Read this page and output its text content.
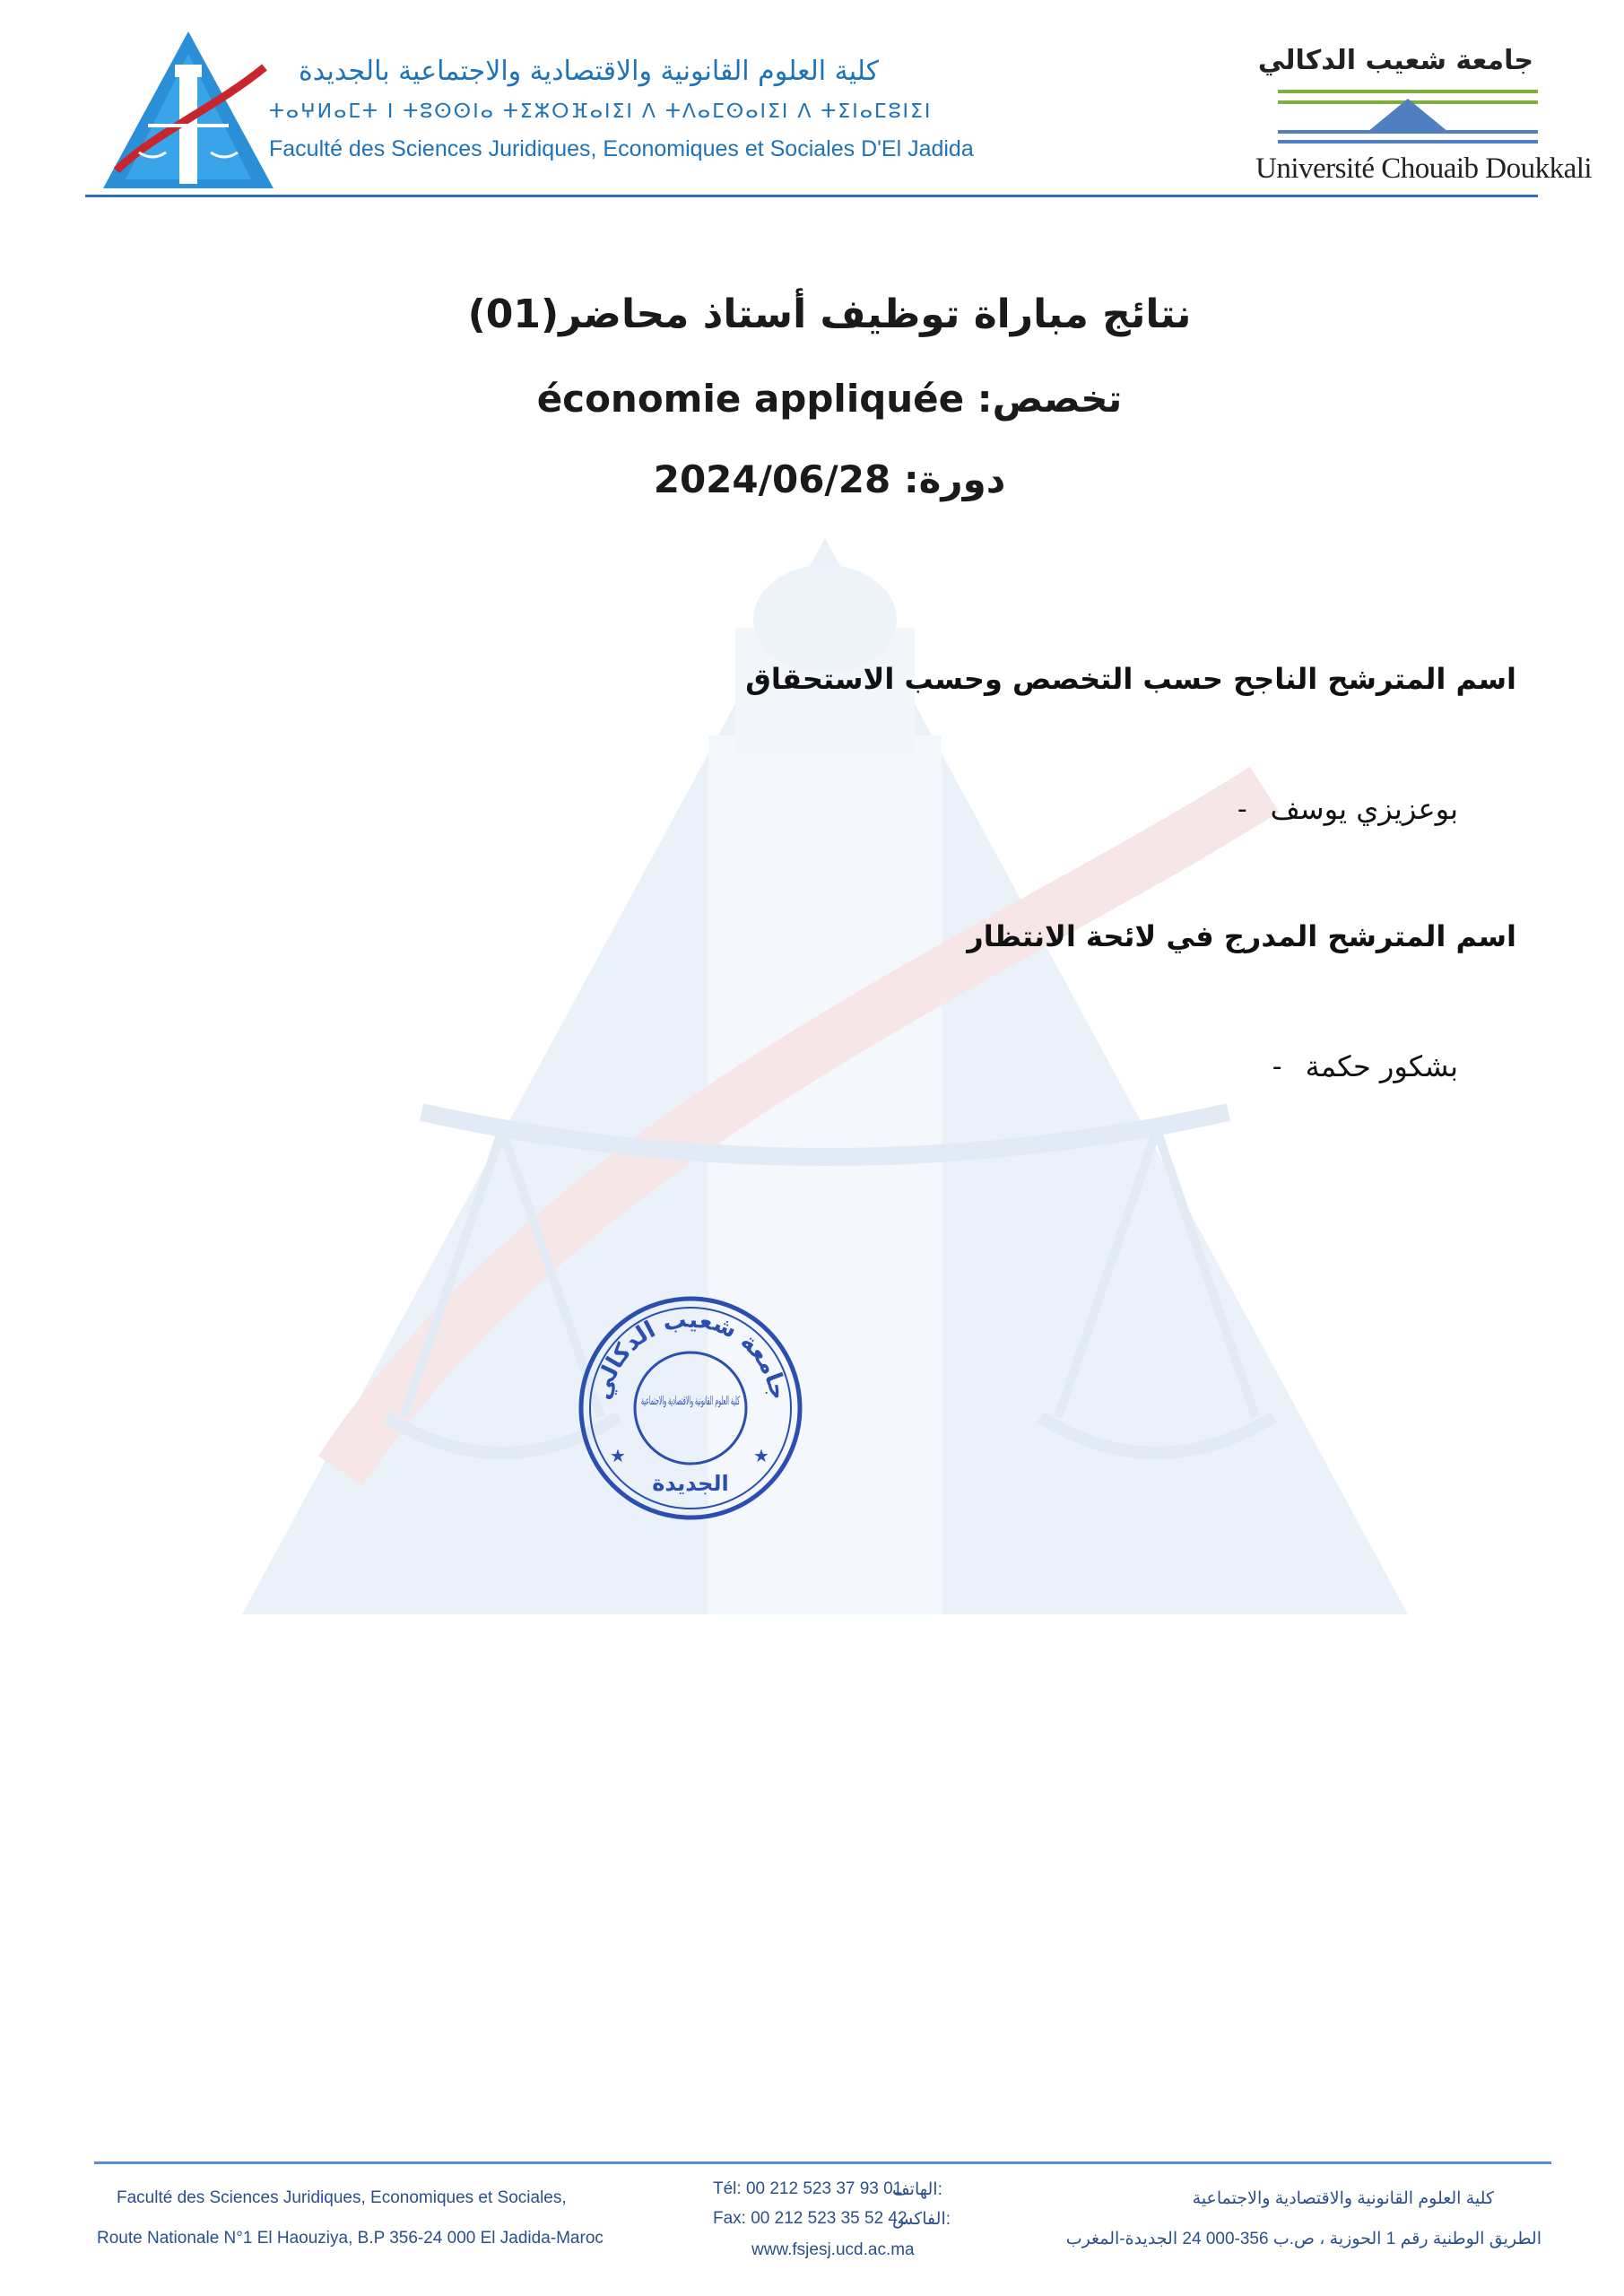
كلية العلوم القانونية والاقتصادية والاجتماعية بالجديدة
ⵜⴰⵖⵍⴰⵎⵜ ⵏ ⵜⵓⵙⵙⵏⴰ ⵜⵉⵣⵔⴼⴰⵏⵉⵏ ⴷ ⵜⴷⴰⵎⵙⴰⵏⵉⵏ ⴷ ⵜⵉⵏⴰⵎⵓⵏⵉⵏ
Faculté des Sciences Juridiques, Economiques et Sociales D'El Jadida
جامعة شعيب الدكالي
Université Chouaib Doukkali
نتائج مباراة توظيف أستاذ محاضر(01)
تخصص: économie appliquée
دورة: 2024/06/28
اسم المترشح الناجح حسب التخصص وحسب الاستحقاق
- بوعزيزي يوسف
اسم المترشح المدرج في لائحة الانتظار
- بشكور حكمة
جامعة شعيب الدكالي
كلية العلوم القانونية والاقتصادية والاجتماعية
الجديدة
★	★
Faculté des Sciences Juridiques, Economiques et Sociales,
Route Nationale N°1 El Haouziya, B.P 356-24 000 El Jadida-Maroc
Tél: 00 212 523 37 93 01
:الهاتف
Fax: 00 212 523 35 52 42
:الفاكس
www.fsjesj.ucd.ac.ma
كلية العلوم القانونية والاقتصادية والاجتماعية
الطريق الوطنية رقم 1 الحوزية ، ص.ب 356-000 24 الجديدة-المغرب
